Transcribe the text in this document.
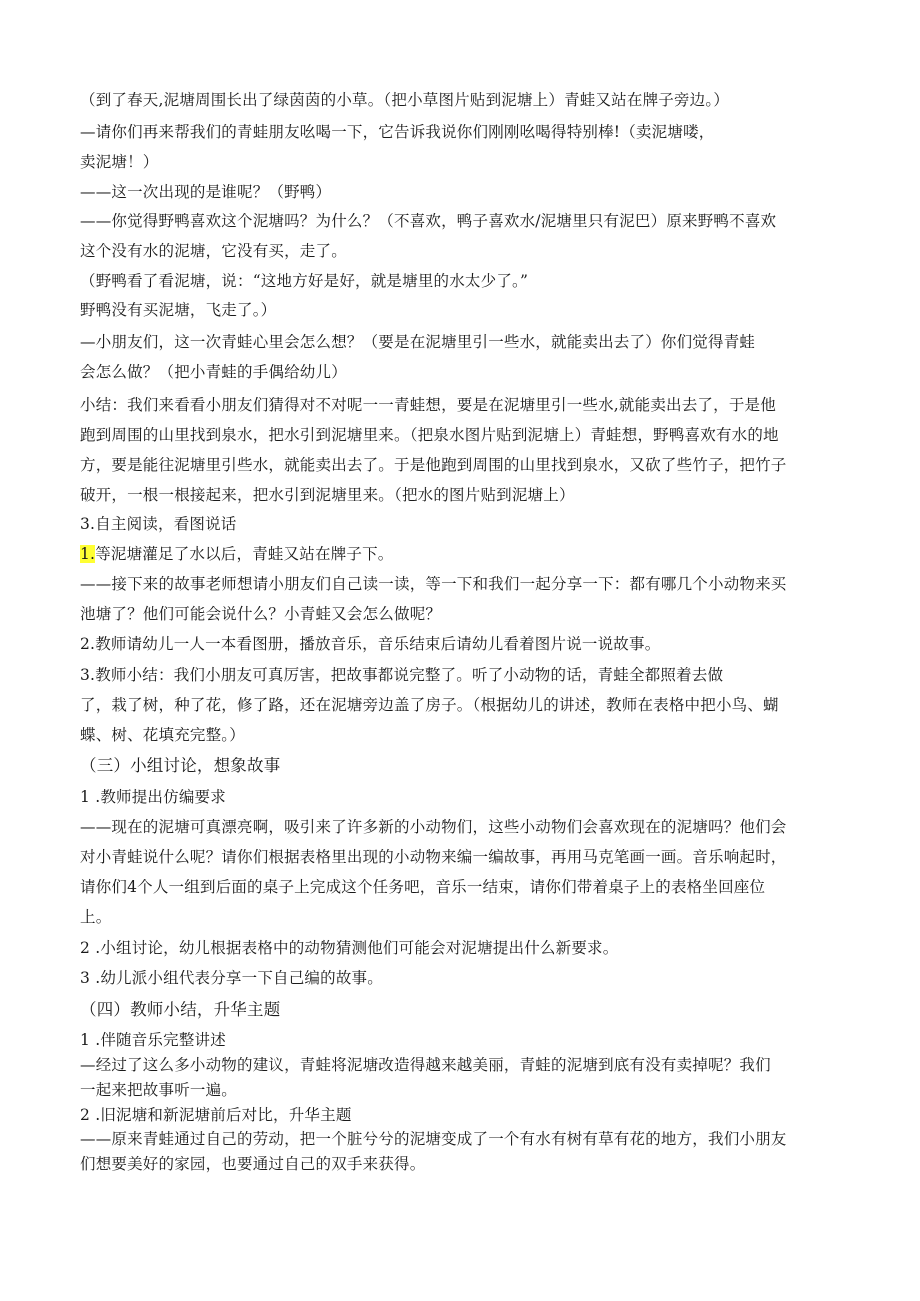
（到了春天,泥塘周围长出了绿茵茵的小草。（把小草图片贴到泥塘上）青蛙又站在牌子旁边。）
—请你们再来帮我们的青蛙朋友吆喝一下，它告诉我说你们刚刚吆喝得特别棒!（卖泥塘喽，
卖泥塘！）
——这一次出现的是谁呢？（野鸭）
——你觉得野鸭喜欢这个泥塘吗？为什么？（不喜欢，鸭子喜欢水/泥塘里只有泥巴）原来野鸭不喜欢
这个没有水的泥塘，它没有买，走了。
（野鸭看了看泥塘，说：“这地方好是好，就是塘里的水太少了。”
野鸭没有买泥塘，飞走了。）
—小朋友们，这一次青蛙心里会怎么想？（要是在泥塘里引一些水，就能卖出去了）你们觉得青蛙
会怎么做？（把小青蛙的手偶给幼儿）
小结：我们来看看小朋友们猜得对不对呢一一青蛙想，要是在泥塘里引一些水,就能卖出去了，于是他
跑到周围的山里找到泉水，把水引到泥塘里来。（把泉水图片贴到泥塘上）青蛙想，野鸭喜欢有水的地
方，要是能往泥塘里引些水，就能卖出去了。于是他跑到周围的山里找到泉水，又砍了些竹子，把竹子
破开，一根一根接起来，把水引到泥塘里来。（把水的图片贴到泥塘上）
3.自主阅读，看图说话
1.等泥塘灌足了水以后，青蛙又站在牌子下。
——接下来的故事老师想请小朋友们自己读一读，等一下和我们一起分享一下：都有哪几个小动物来买
池塘了？他们可能会说什么？小青蛙又会怎么做呢？
2.教师请幼儿一人一本看图册，播放音乐，音乐结束后请幼儿看着图片说一说故事。
3.教师小结：我们小朋友可真厉害，把故事都说完整了。听了小动物的话，青蛙全都照着去做
了，栽了树，种了花，修了路，还在泥塘旁边盖了房子。（根据幼儿的讲述，教师在表格中把小鸟、蝴
蝶、树、花填充完整。）
（三）小组讨论，想象故事
1 .教师提出仿编要求
——现在的泥塘可真漂亮啊，吸引来了许多新的小动物们，这些小动物们会喜欢现在的泥塘吗？他们会
对小青蛙说什么呢？请你们根据表格里出现的小动物来编一编故事，再用马克笔画一画。音乐响起时，
请你们4个人一组到后面的桌子上完成这个任务吧，音乐一结束，请你们带着桌子上的表格坐回座位
上。
2 .小组讨论，幼儿根据表格中的动物猜测他们可能会对泥塘提出什么新要求。
3 .幼儿派小组代表分享一下自己编的故事。
（四）教师小结，升华主题
1 .伴随音乐完整讲述
—经过了这么多小动物的建议，青蛙将泥塘改造得越来越美丽，青蛙的泥塘到底有没有卖掉呢？我们
一起来把故事听一遍。
2 .旧泥塘和新泥塘前后对比，升华主题
——原来青蛙通过自己的劳动，把一个脏兮兮的泥塘变成了一个有水有树有草有花的地方，我们小朋友
们想要美好的家园，也要通过自己的双手来获得。
